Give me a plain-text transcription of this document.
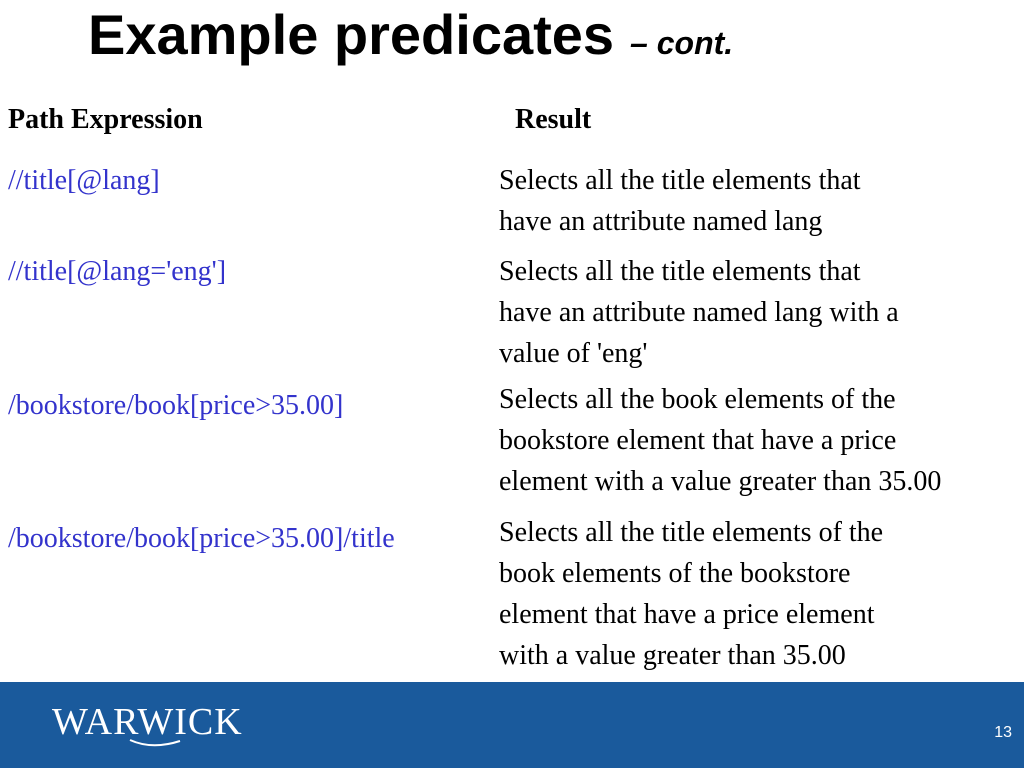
Example predicates – cont.
Path Expression	Result
//title[@lang]	Selects all the title elements that
have an attribute named lang
//title[@lang='eng']	Selects all the title elements that
have an attribute named lang with a
value of 'eng'
/bookstore/book[price>35.00]	Selects all the book elements of the
bookstore element that have a price
element with a value greater than 35.00
/bookstore/book[price>35.00]/title	Selects all the title elements of the
book elements of the bookstore
element that have a price element
with a value greater than 35.00
WARWICK	13
